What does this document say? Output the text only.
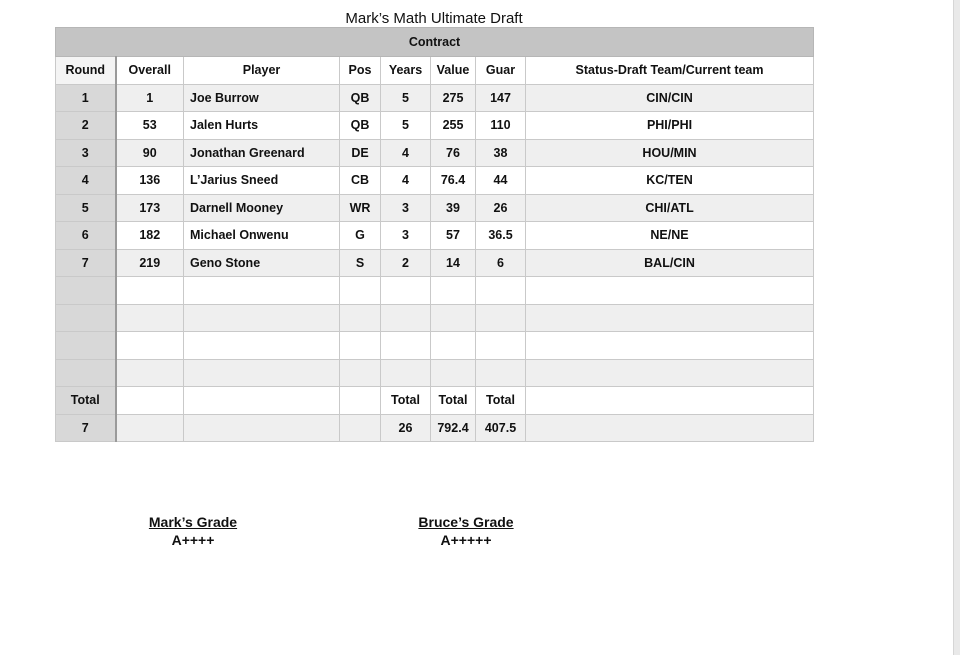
Mark’s Math Ultimate Draft
Contract							
Round	Overall	Player	Pos	Years	Value	Guar	Status-Draft Team/Current team
1	1	Joe Burrow	QB	5	275	147	CIN/CIN
2	53	Jalen Hurts	QB	5	255	110	PHI/PHI
3	90	Jonathan Greenard	DE	4	76	38	HOU/MIN
4	136	L’Jarius Sneed	CB	4	76.4	44	KC/TEN
5	173	Darnell Mooney	WR	3	39	26	CHI/ATL
6	182	Michael Onwenu	G	3	57	36.5	NE/NE
7	219	Geno Stone	S	2	14	6	BAL/CIN

Total				Total	Total	Total	
7				26	792.4	407.5	
Mark’s Grade
A++++
Bruce’s Grade
A+++++
